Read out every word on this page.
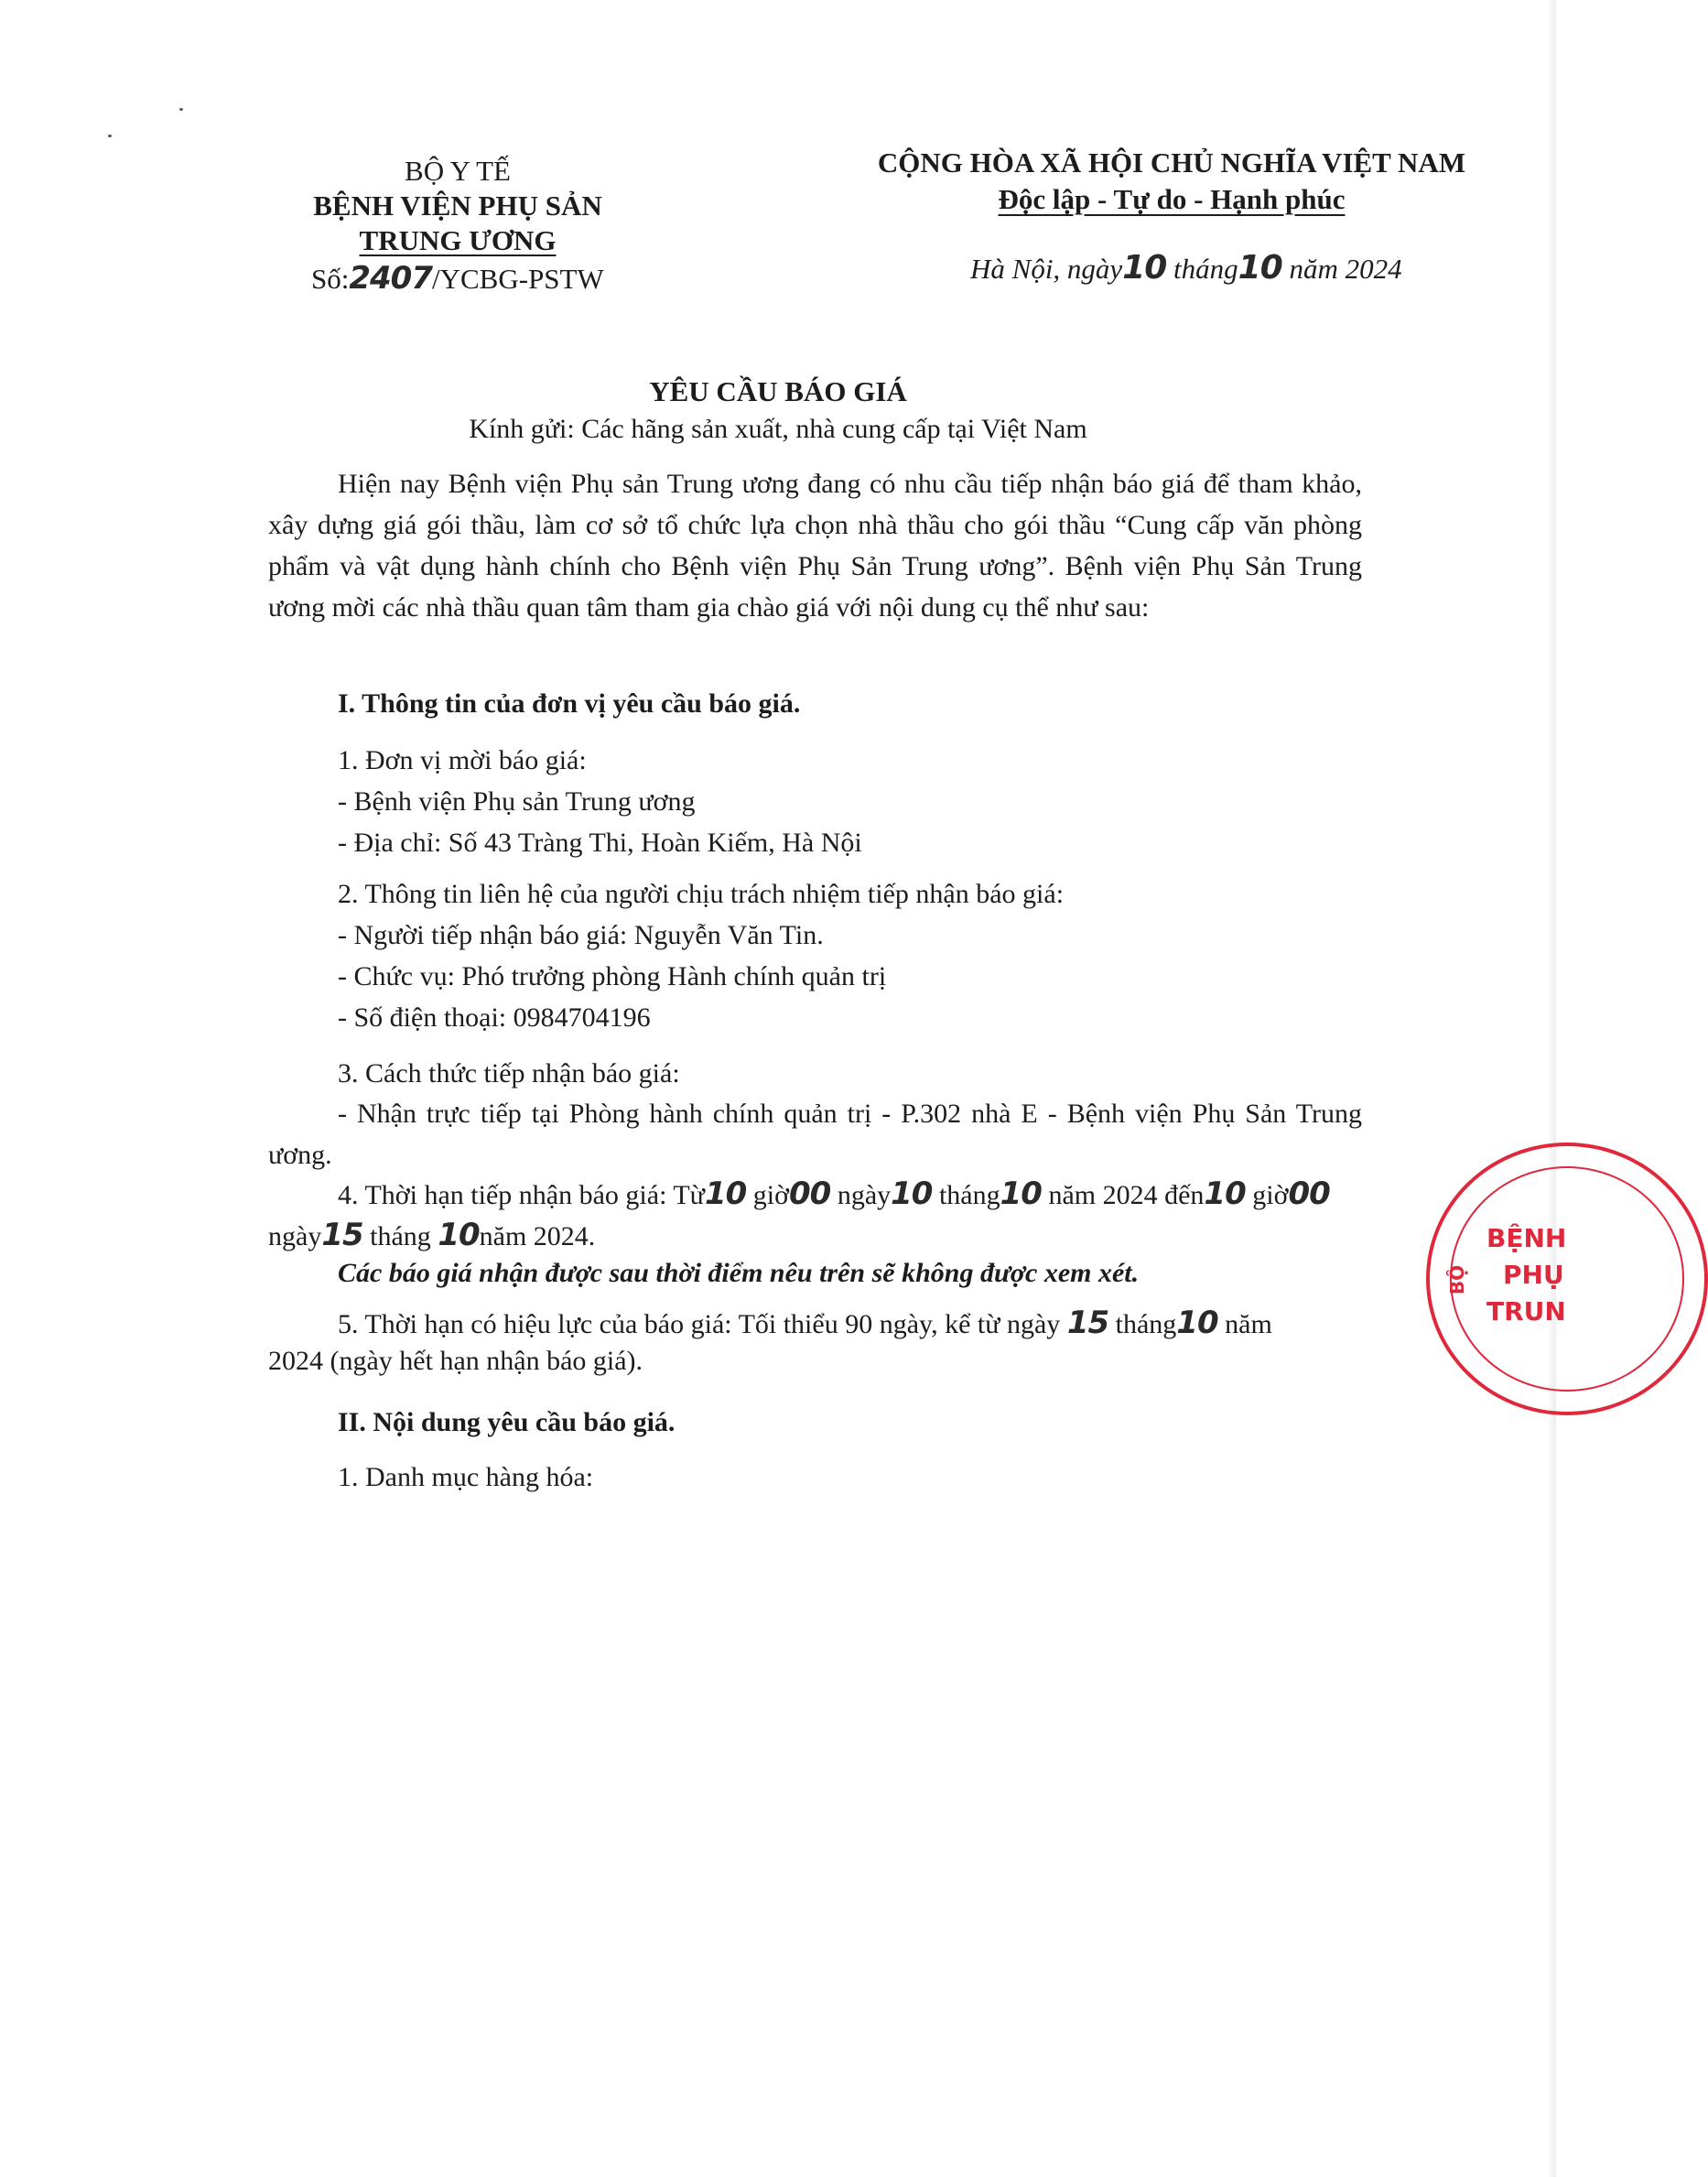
BỘ Y TẾ
BỆNH VIỆN PHỤ SẢN
TRUNG ƯƠNG
Số:2407/YCBG-PSTW
CỘNG HÒA XÃ HỘI CHỦ NGHĨA VIỆT NAM
Độc lập - Tự do - Hạnh phúc
Hà Nội, ngày10 tháng10 năm 2024
YÊU CẦU BÁO GIÁ
Kính gửi: Các hãng sản xuất, nhà cung cấp tại Việt Nam
Hiện nay Bệnh viện Phụ sản Trung ương đang có nhu cầu tiếp nhận báo giá để tham khảo, xây dựng giá gói thầu, làm cơ sở tổ chức lựa chọn nhà thầu cho gói thầu “Cung cấp văn phòng phẩm và vật dụng hành chính cho Bệnh viện Phụ Sản Trung ương”. Bệnh viện Phụ Sản Trung ương mời các nhà thầu quan tâm tham gia chào giá với nội dung cụ thể như sau:
I. Thông tin của đơn vị yêu cầu báo giá.
1. Đơn vị mời báo giá:
- Bệnh viện Phụ sản Trung ương
- Địa chỉ: Số 43 Tràng Thi, Hoàn Kiếm, Hà Nội
2. Thông tin liên hệ của người chịu trách nhiệm tiếp nhận báo giá:
- Người tiếp nhận báo giá: Nguyễn Văn Tin.
- Chức vụ: Phó trưởng phòng Hành chính quản trị
- Số điện thoại: 0984704196
3. Cách thức tiếp nhận báo giá:
- Nhận trực tiếp tại Phòng hành chính quản trị - P.302 nhà E - Bệnh viện Phụ Sản Trung ương.
4. Thời hạn tiếp nhận báo giá: Từ10 giờ00 ngày10 tháng10 năm 2024 đến10 giờ00
ngày15 tháng 10năm 2024.
Các báo giá nhận được sau thời điểm nêu trên sẽ không được xem xét.
5. Thời hạn có hiệu lực của báo giá: Tối thiểu 90 ngày, kể từ ngày 15 tháng10 năm
2024 (ngày hết hạn nhận báo giá).
II. Nội dung yêu cầu báo giá.
1. Danh mục hàng hóa:
BỆNH
PHỤ
TRUN
BỘ
